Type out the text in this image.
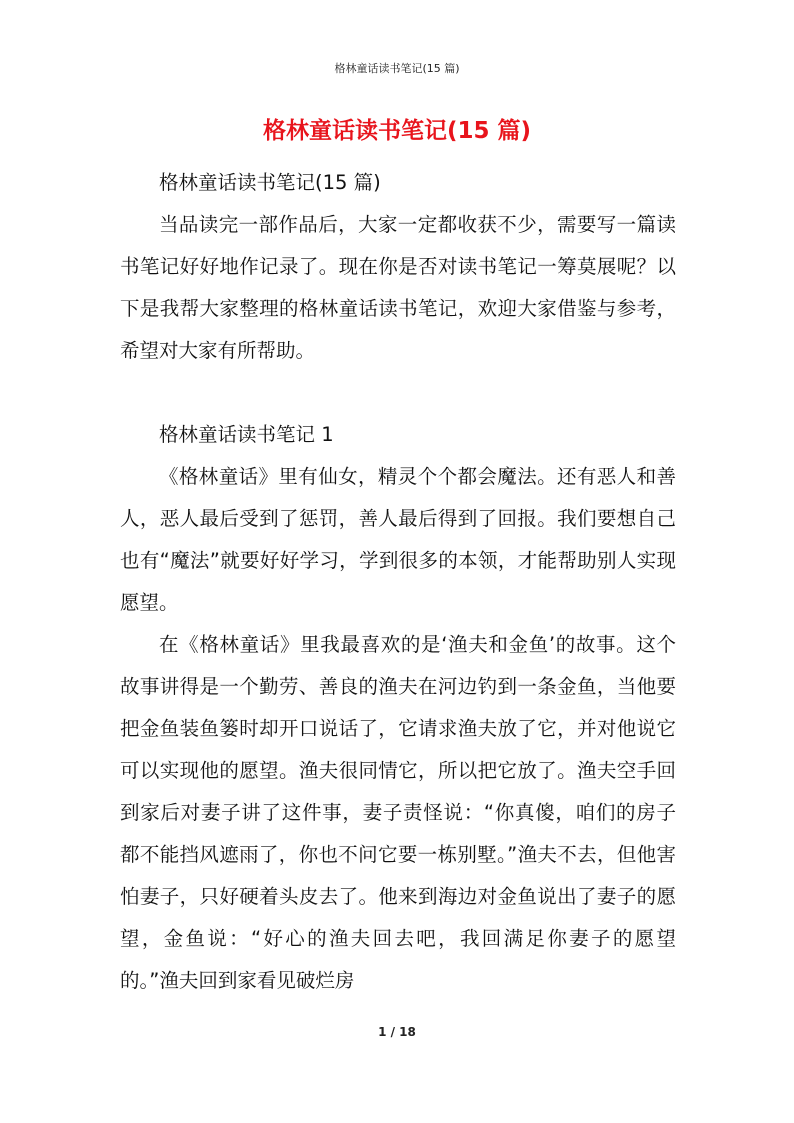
格林童话读书笔记(15 篇)
格林童话读书笔记(15 篇)

格林童话读书笔记(15 篇)

当品读完一部作品后，大家一定都收获不少，需要写一篇读书笔记好好地作记录了。现在你是否对读书笔记一筹莫展呢？以下是我帮大家整理的格林童话读书笔记，欢迎大家借鉴与参考，希望对大家有所帮助。

格林童话读书笔记 1

《格林童话》里有仙女，精灵个个都会魔法。还有恶人和善人，恶人最后受到了惩罚，善人最后得到了回报。我们要想自己也有“魔法”就要好好学习，学到很多的本领，才能帮助别人实现愿望。

在《格林童话》里我最喜欢的是‘渔夫和金鱼’的故事。这个故事讲得是一个勤劳、善良的渔夫在河边钓到一条金鱼，当他要把金鱼装鱼篓时却开口说话了，它请求渔夫放了它，并对他说它可以实现他的愿望。渔夫很同情它，所以把它放了。渔夫空手回到家后对妻子讲了这件事，妻子责怪说：“你真傻，咱们的房子都不能挡风遮雨了，你也不问它要一栋别墅。”渔夫不去，但他害怕妻子，只好硬着头皮去了。他来到海边对金鱼说出了妻子的愿望，金鱼说：“好心的渔夫回去吧，我回满足你妻子的愿望的。”渔夫回到家看见破烂房

1 / 18
